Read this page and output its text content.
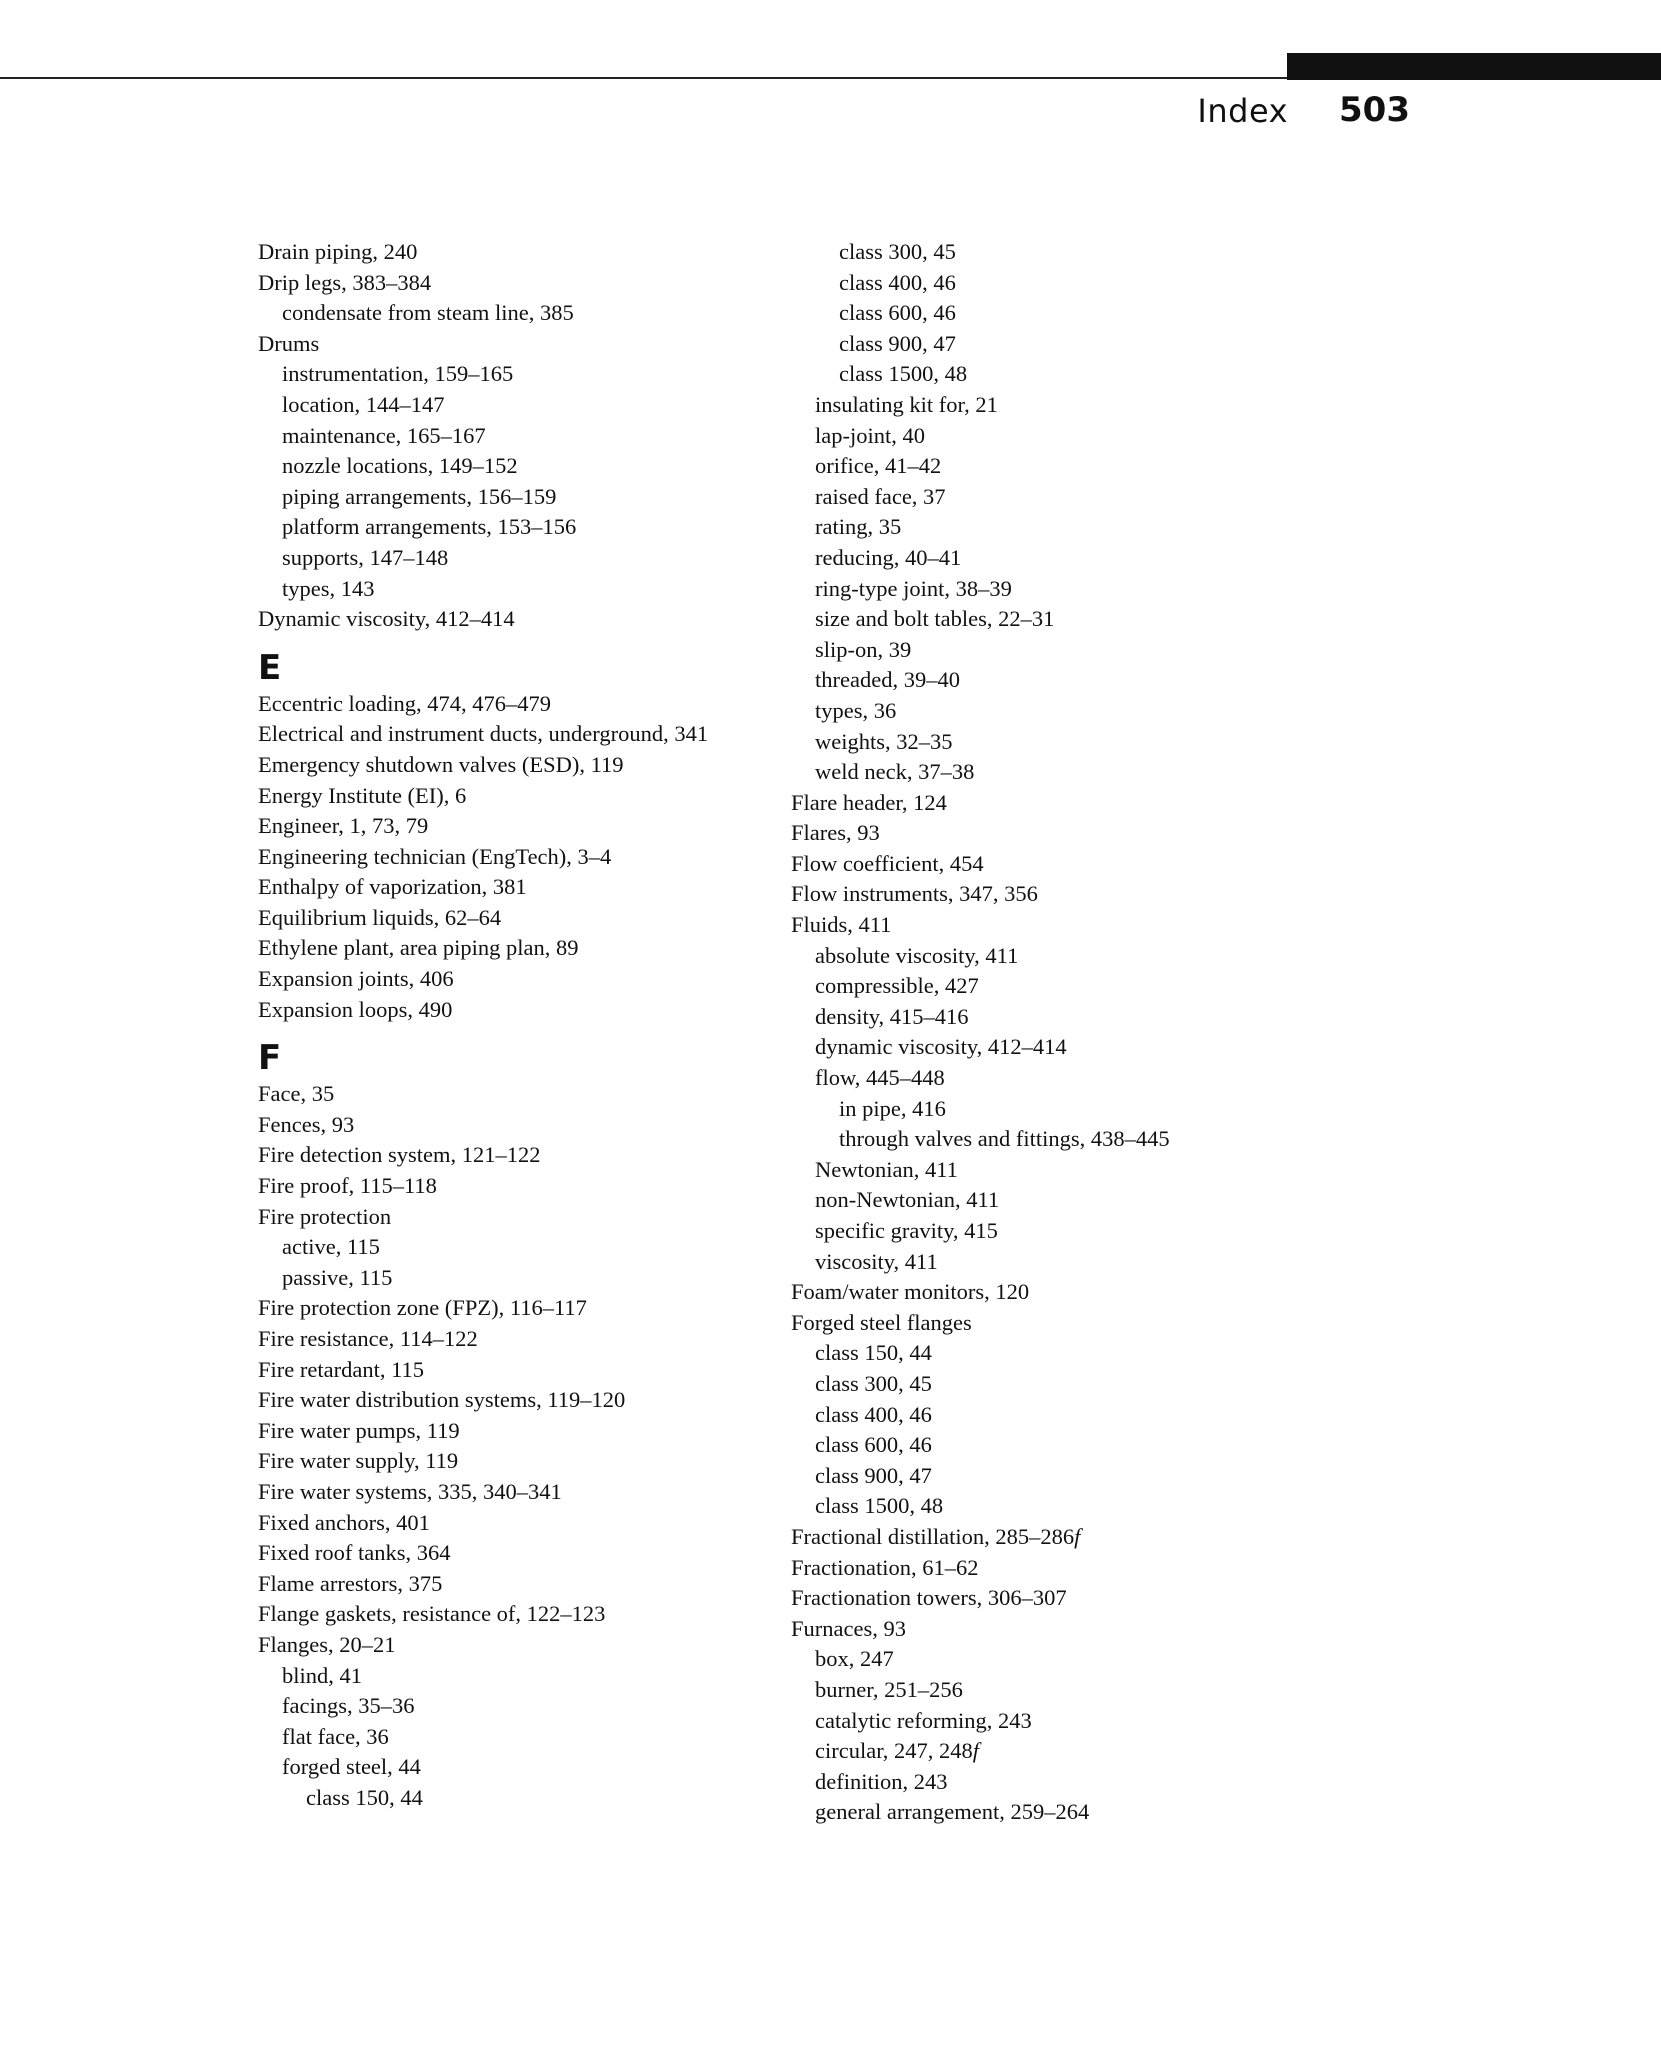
Index 503
Drain piping, 240
Drip legs, 383–384
condensate from steam line, 385
Drums
instrumentation, 159–165
location, 144–147
maintenance, 165–167
nozzle locations, 149–152
piping arrangements, 156–159
platform arrangements, 153–156
supports, 147–148
types, 143
Dynamic viscosity, 412–414
E
Eccentric loading, 474, 476–479
Electrical and instrument ducts, underground, 341
Emergency shutdown valves (ESD), 119
Energy Institute (EI), 6
Engineer, 1, 73, 79
Engineering technician (EngTech), 3–4
Enthalpy of vaporization, 381
Equilibrium liquids, 62–64
Ethylene plant, area piping plan, 89
Expansion joints, 406
Expansion loops, 490
F
Face, 35
Fences, 93
Fire detection system, 121–122
Fire proof, 115–118
Fire protection
active, 115
passive, 115
Fire protection zone (FPZ), 116–117
Fire resistance, 114–122
Fire retardant, 115
Fire water distribution systems, 119–120
Fire water pumps, 119
Fire water supply, 119
Fire water systems, 335, 340–341
Fixed anchors, 401
Fixed roof tanks, 364
Flame arrestors, 375
Flange gaskets, resistance of, 122–123
Flanges, 20–21
blind, 41
facings, 35–36
flat face, 36
forged steel, 44
class 150, 44
class 300, 45
class 400, 46
class 600, 46
class 900, 47
class 1500, 48
insulating kit for, 21
lap-joint, 40
orifice, 41–42
raised face, 37
rating, 35
reducing, 40–41
ring-type joint, 38–39
size and bolt tables, 22–31
slip-on, 39
threaded, 39–40
types, 36
weights, 32–35
weld neck, 37–38
Flare header, 124
Flares, 93
Flow coefficient, 454
Flow instruments, 347, 356
Fluids, 411
absolute viscosity, 411
compressible, 427
density, 415–416
dynamic viscosity, 412–414
flow, 445–448
in pipe, 416
through valves and fittings, 438–445
Newtonian, 411
non-Newtonian, 411
specific gravity, 415
viscosity, 411
Foam/water monitors, 120
Forged steel flanges
class 150, 44
class 300, 45
class 400, 46
class 600, 46
class 900, 47
class 1500, 48
Fractional distillation, 285–286f
Fractionation, 61–62
Fractionation towers, 306–307
Furnaces, 93
box, 247
burner, 251–256
catalytic reforming, 243
circular, 247, 248f
definition, 243
general arrangement, 259–264
